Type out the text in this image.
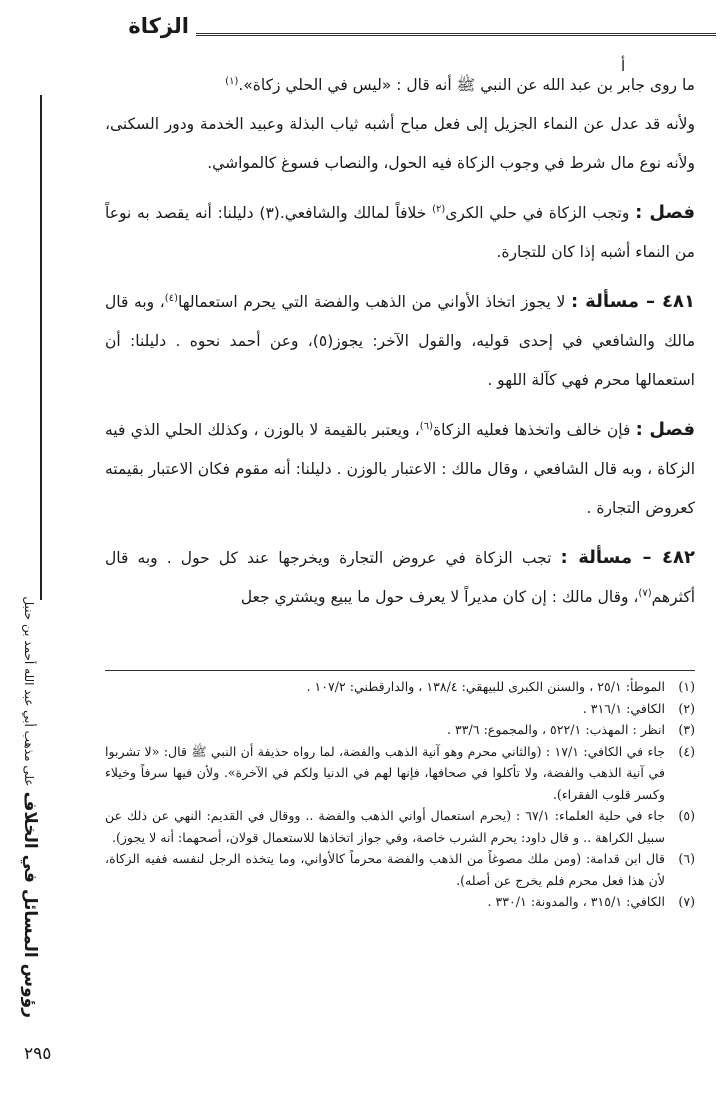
الزكاة
ﺃ
رؤوس المسائل في الخلاف على مذهب أبي عبد الله أحمد بن حنبل

ما روى جابر بن عبد الله عن النبي ﷺ أنه قال : «ليس في الحلي زكاة».$^{(١)}$

ولأنه قد عدل عن النماء الجزيل إلى فعل مباح أشبه ثياب البذلة وعبيد الخدمة ودور السكنى، ولأنه نوع مال شرط في وجوب الزكاة فيه الحول، والنصاب فسوغ كالمواشي.

فصل : وتجب الزكاة في حلي الكرى$^{(٢)}$ خلافاً لمالك والشافعي.(٣) دليلنا: أنه يقصد به نوعاً من النماء أشبه إذا كان للتجارة.

٤٨١ – مسألة : لا يجوز اتخاذ الأواني من الذهب والفضة التي يحرم استعمالها$^{(٤)}$، وبه قال مالك والشافعي في إحدى قوليه، والقول الآخر: يجوز(٥)، وعن أحمد نحوه . دليلنا: أن استعمالها محرم فهي كآلة اللهو .

فصل : فإن خالف واتخذها فعليه الزكاة$^{(٦)}$، ويعتبر بالقيمة لا بالوزن ، وكذلك الحلي الذي فيه الزكاة ، وبه قال الشافعي ، وقال مالك : الاعتبار بالوزن . دليلنا: أنه مقوم فكان الاعتبار بقيمته كعروض التجارة .

٤٨٢ – مسألة : تجب الزكاة في عروض التجارة ويخرجها عند كل حول . وبه قال أكثرهم$^{(٧)}$، وقال مالك : إن كان مديراً لا يعرف حول ما يبيع ويشتري جعل

(١)
الموطأ: ٢٥/١ ، والسنن الكبرى للبيهقي: ١٣٨/٤ ، والدارقطني: ١٠٧/٢ .

(٢)
الكافي: ٣١٦/١ .

(٣)
انظر : المهذب: ٥٢٢/١ ، والمجموع: ٣٣/٦ .

(٤)
جاء في الكافي: ١٧/١ : (والثاني محرم وهو آنية الذهب والفضة، لما رواه حذيفة أن النبي ﷺ قال: «لا تشربوا في آنية الذهب والفضة، ولا تأكلوا في صحافها، فإنها لهم في الدنيا ولكم في الآخرة». ولأن فيها سرفاً وخيلاء وكسر قلوب الفقراء).

(٥)
جاء في حلية العلماء: ٦٧/١ : (يحرم استعمال أواني الذهب والفضة .. ووقال في القديم: النهي عن ذلك عن سبيل الكراهة .. و قال داود: يحرم الشرب خاصة، وفي جواز اتخاذها للاستعمال قولان، أصحهما: أنه لا يجوز).

(٦)
قال ابن قدامة: (ومن ملك مصوغاً من الذهب والفضة محرماً كالأواني، وما يتخذه الرجل لنفسه ففيه الزكاة، لأن هذا فعل محرم فلم يخرج عن أصله).

(٧)
الكافي: ٣١٥/١ ، والمدونة: ٣٣٠/١ .

٢٩٥
